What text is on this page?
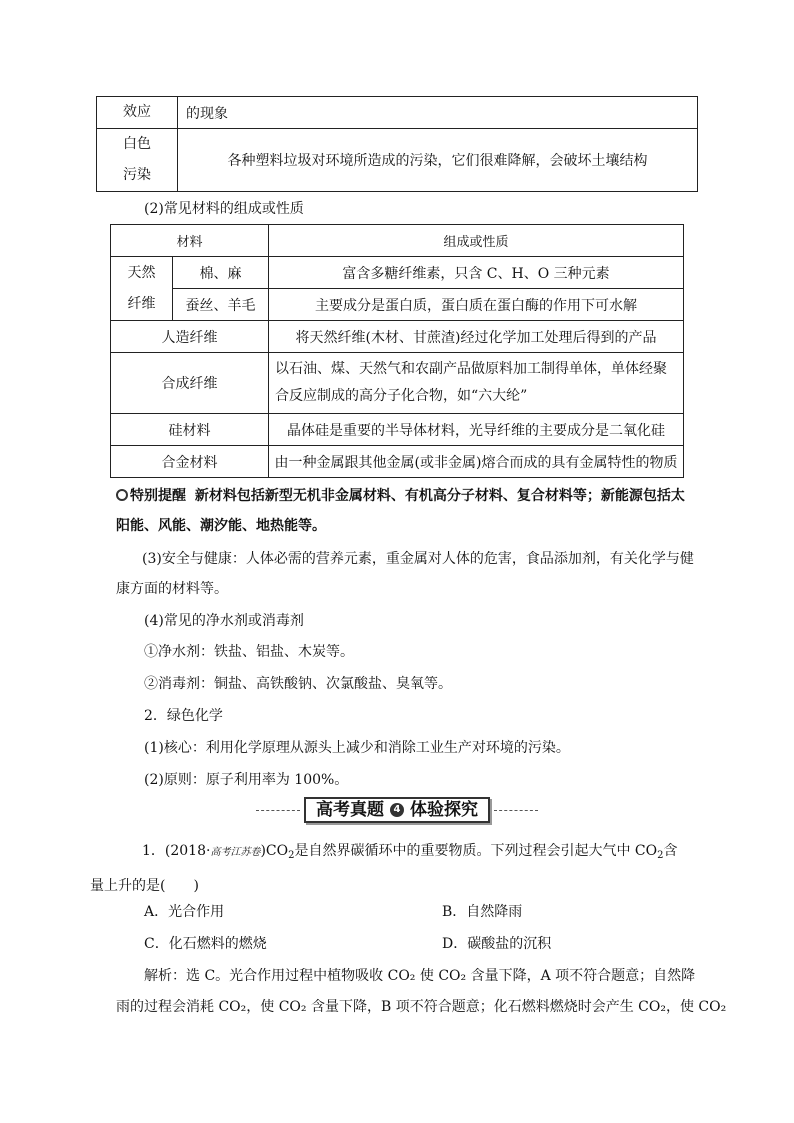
效应	的现象

白色
污染	各种塑料垃圾对环境所造成的污染，它们很难降解，会破坏土壤结构
(2)常见材料的组成或性质
材料		组成或性质

天然
纤维	棉、麻	富含多糖纤维素，只含 C、H、O 三种元素
	蚕丝、羊毛	主要成分是蛋白质，蛋白质在蛋白酶的作用下可水解
人造纤维		将天然纤维(木材、甘蔗渣)经过化学加工处理后得到的产品
合成纤维		以石油、煤、天然气和农副产品做原料加工制得单体，单体经聚合反应制成的高分子化合物，如“六大纶”
硅材料		晶体硅是重要的半导体材料，光导纤维的主要成分是二氧化硅
合金材料		由一种金属跟其他金属(或非金属)熔合而成的具有金属特性的物质
特别提醒 新材料包括新型无机非金属材料、有机高分子材料、复合材料等；新能源包括太阳能、风能、潮汐能、地热能等。
(3)安全与健康：人体必需的营养元素，重金属对人体的危害，食品添加剂，有关化学与健康方面的材料等。
(4)常见的净水剂或消毒剂
①净水剂：铁盐、铝盐、木炭等。
②消毒剂：铜盐、高铁酸钠、次氯酸盐、臭氧等。
2．绿色化学
(1)核心：利用化学原理从源头上减少和消除工业生产对环境的污染。
(2)原则：原子利用率为 100%。
高考真题 4 体验探究
1．(2018·高考江苏卷)$CO_2$是自然界碳循环中的重要物质。下列过程会引起大气中 $CO_2$含
量上升的是(　　)
A．光合作用	B．自然降雨
C．化石燃料的燃烧	D．碳酸盐的沉积
解析：选 C。光合作用过程中植物吸收 CO₂ 使 CO₂ 含量下降，A 项不符合题意；自然降
雨的过程会消耗 CO₂，使 CO₂ 含量下降，B 项不符合题意；化石燃料燃烧时会产生 CO₂，使 CO₂
